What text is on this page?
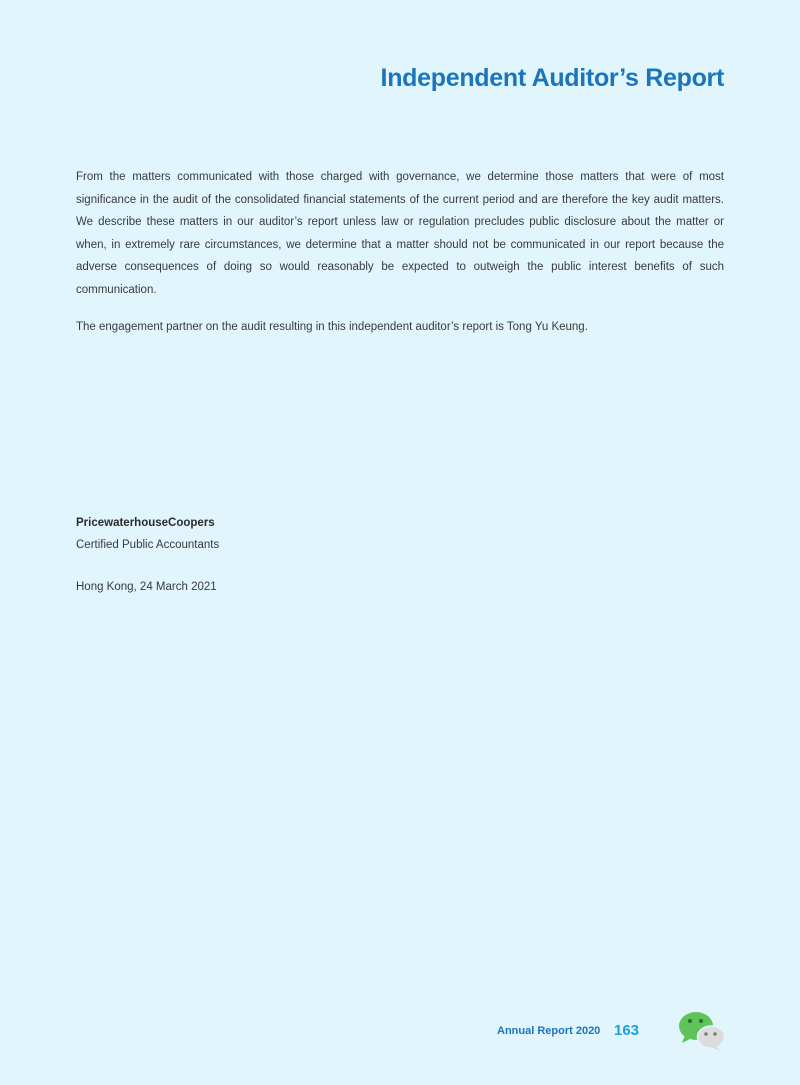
Independent Auditor’s Report

From the matters communicated with those charged with governance, we determine those matters that were of most significance in the audit of the consolidated financial statements of the current period and are therefore the key audit matters. We describe these matters in our auditor’s report unless law or regulation precludes public disclosure about the matter or when, in extremely rare circumstances, we determine that a matter should not be communicated in our report because the adverse consequences of doing so would reasonably be expected to outweigh the public interest benefits of such communication.

The engagement partner on the audit resulting in this independent auditor’s report is Tong Yu Keung.

PricewaterhouseCoopers

Certified Public Accountants

Hong Kong, 24 March 2021

Annual Report 2020 163
